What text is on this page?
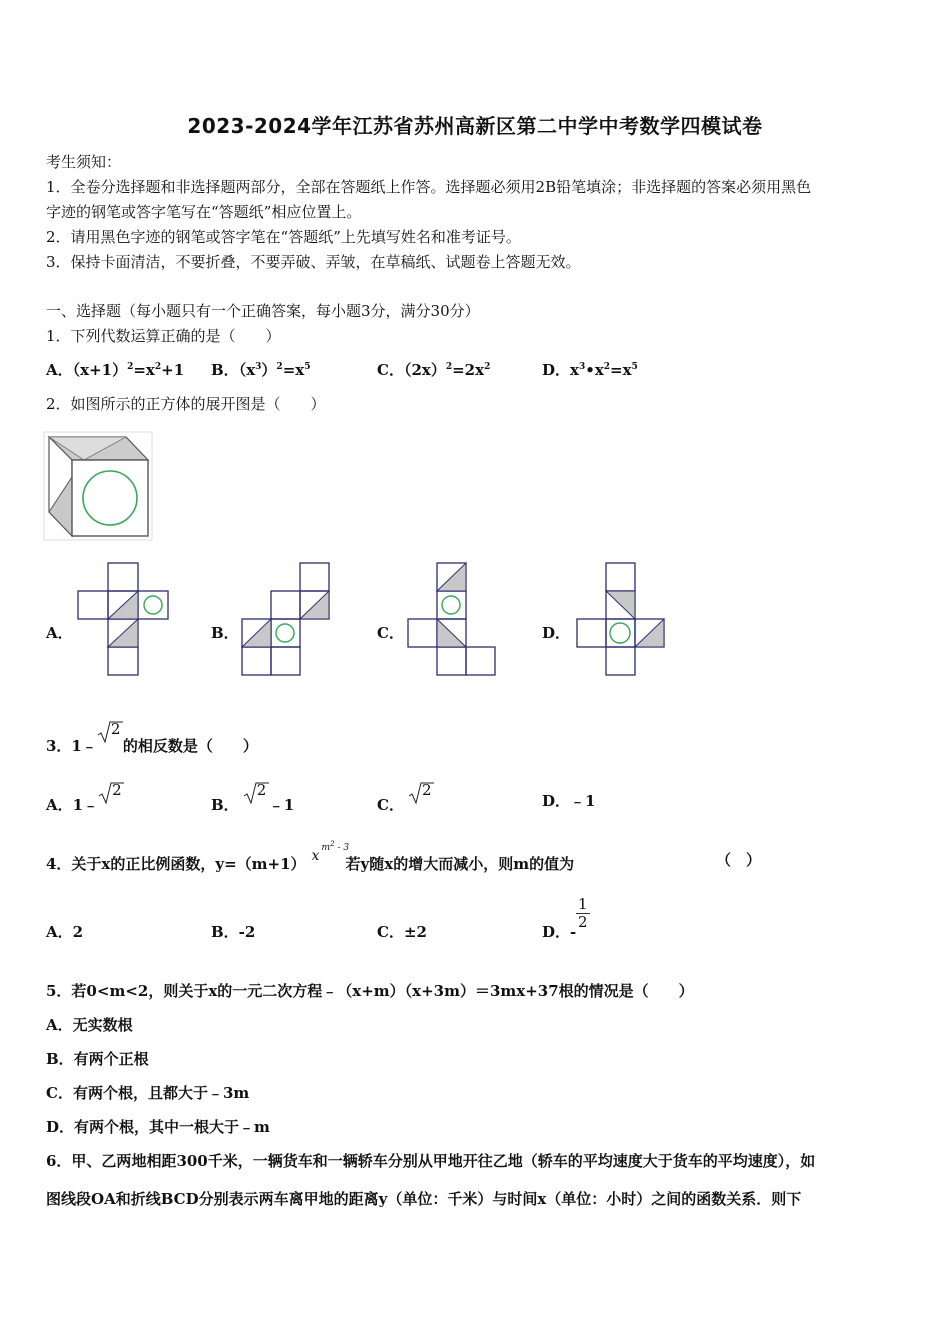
2023-2024学年江苏省苏州高新区第二中学中考数学四模试卷
考生须知：
1．全卷分选择题和非选择题两部分，全部在答题纸上作答。选择题必须用2B铅笔填涂；非选择题的答案必须用黑色
字迹的钢笔或答字笔写在“答题纸”相应位置上。
2．请用黑色字迹的钢笔或答字笔在“答题纸”上先填写姓名和准考证号。
3．保持卡面清洁，不要折叠，不要弄破、弄皱，在草稿纸、试题卷上答题无效。
一、选择题（每小题只有一个正确答案，每小题3分，满分30分）
1．下列代数运算正确的是（　　）
A．$(x+1)^2=x^2+1$ B．$(x^3)^2=x^5$	C．$(2x)^2=2x^2$	D．$x^3•x^2=x^5$
2．如图所示的正方体的展开图是（　　）
A．	B．	C．	D．
3．1﹣
2
的相反数是（　　）
A．1﹣
2
B．
2
﹣1	C．
2
D．﹣1
4．关于x的正比例函数，y=（m+1） x $m^2 - 3$
若y随x的增大而减小，则m的值为	（　）
A．2	B．-2	C．±2	D．-
$\frac{1}{2}$
5．若0<m<2，则关于x的一元二次方程﹣（x+m）（x+3m）＝3mx+37根的情况是（　　）
A．无实数根
B．有两个正根
C．有两个根，且都大于﹣3m
D．有两个根，其中一根大于﹣m
6．甲、乙两地相距300千米，一辆货车和一辆轿车分别从甲地开往乙地（轿车的平均速度大于货车的平均速度），如
图线段OA和折线BCD分别表示两车离甲地的距离y（单位：千米）与时间x（单位：小时）之间的函数关系．则下
